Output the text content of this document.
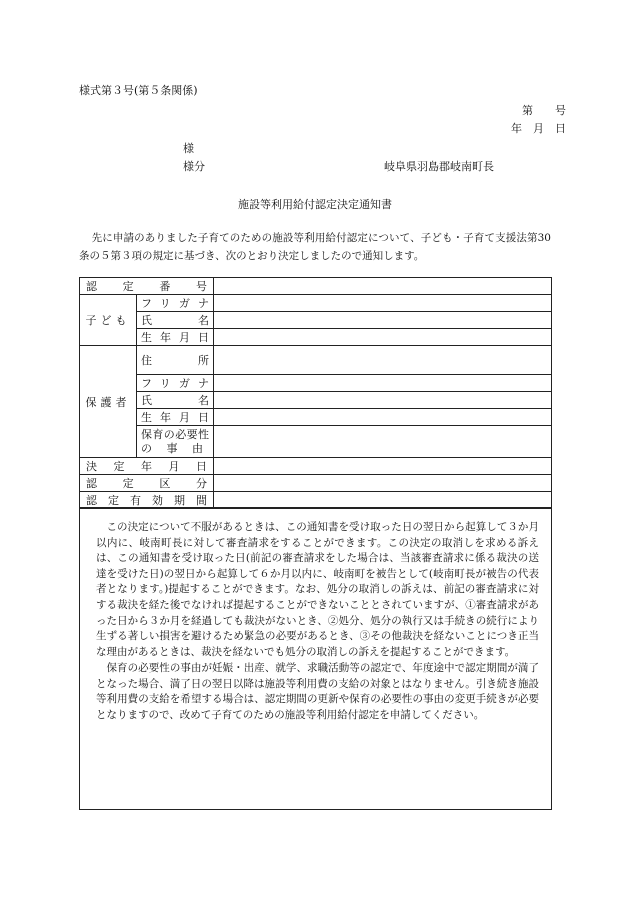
様式第３号(第５条関係)
第　　号
年　月　日
様
様分	岐阜県羽島郡岐南町長
施設等利用給付認定決定通知書

先に申請のありました子育てのための施設等利用給付認定について、子ども・子育て支援法第30条の５第３項の規定に基づき、次のとおり決定しましたので通知します。

認定番号		
子ども	フリガナ	
	氏名	
	生年月日	
保護者	住所	
	フリガナ	
	氏名	
	生年月日	

	保育の必要性
の事由	

決定年月日		
認定区分		
認定有効期間		

この決定について不服があるときは、この通知書を受け取った日の翌日から起算して３か月以内に、岐南町長に対して審査請求をすることができます。この決定の取消しを求める訴えは、この通知書を受け取った日(前記の審査請求をした場合は、当該審査請求に係る裁決の送達を受けた日)の翌日から起算して６か月以内に、岐南町を被告として(岐南町長が被告の代表者となります。)提起することができます。なお、処分の取消しの訴えは、前記の審査請求に対する裁決を経た後でなければ提起することができないこととされていますが、①審査請求があった日から３か月を経過しても裁決がないとき、②処分、処分の執行又は手続きの続行により生ずる著しい損害を避けるため緊急の必要があるとき、③その他裁決を経ないことにつき正当な理由があるときは、裁決を経ないでも処分の取消しの訴えを提起することができます。

保育の必要性の事由が妊娠・出産、就学、求職活動等の認定で、年度途中で認定期間が満了となった場合、満了日の翌日以降は施設等利用費の支給の対象とはなりません。引き続き施設等利用費の支給を希望する場合は、認定期間の更新や保育の必要性の事由の変更手続きが必要となりますので、改めて子育てのための施設等利用給付認定を申請してください。
